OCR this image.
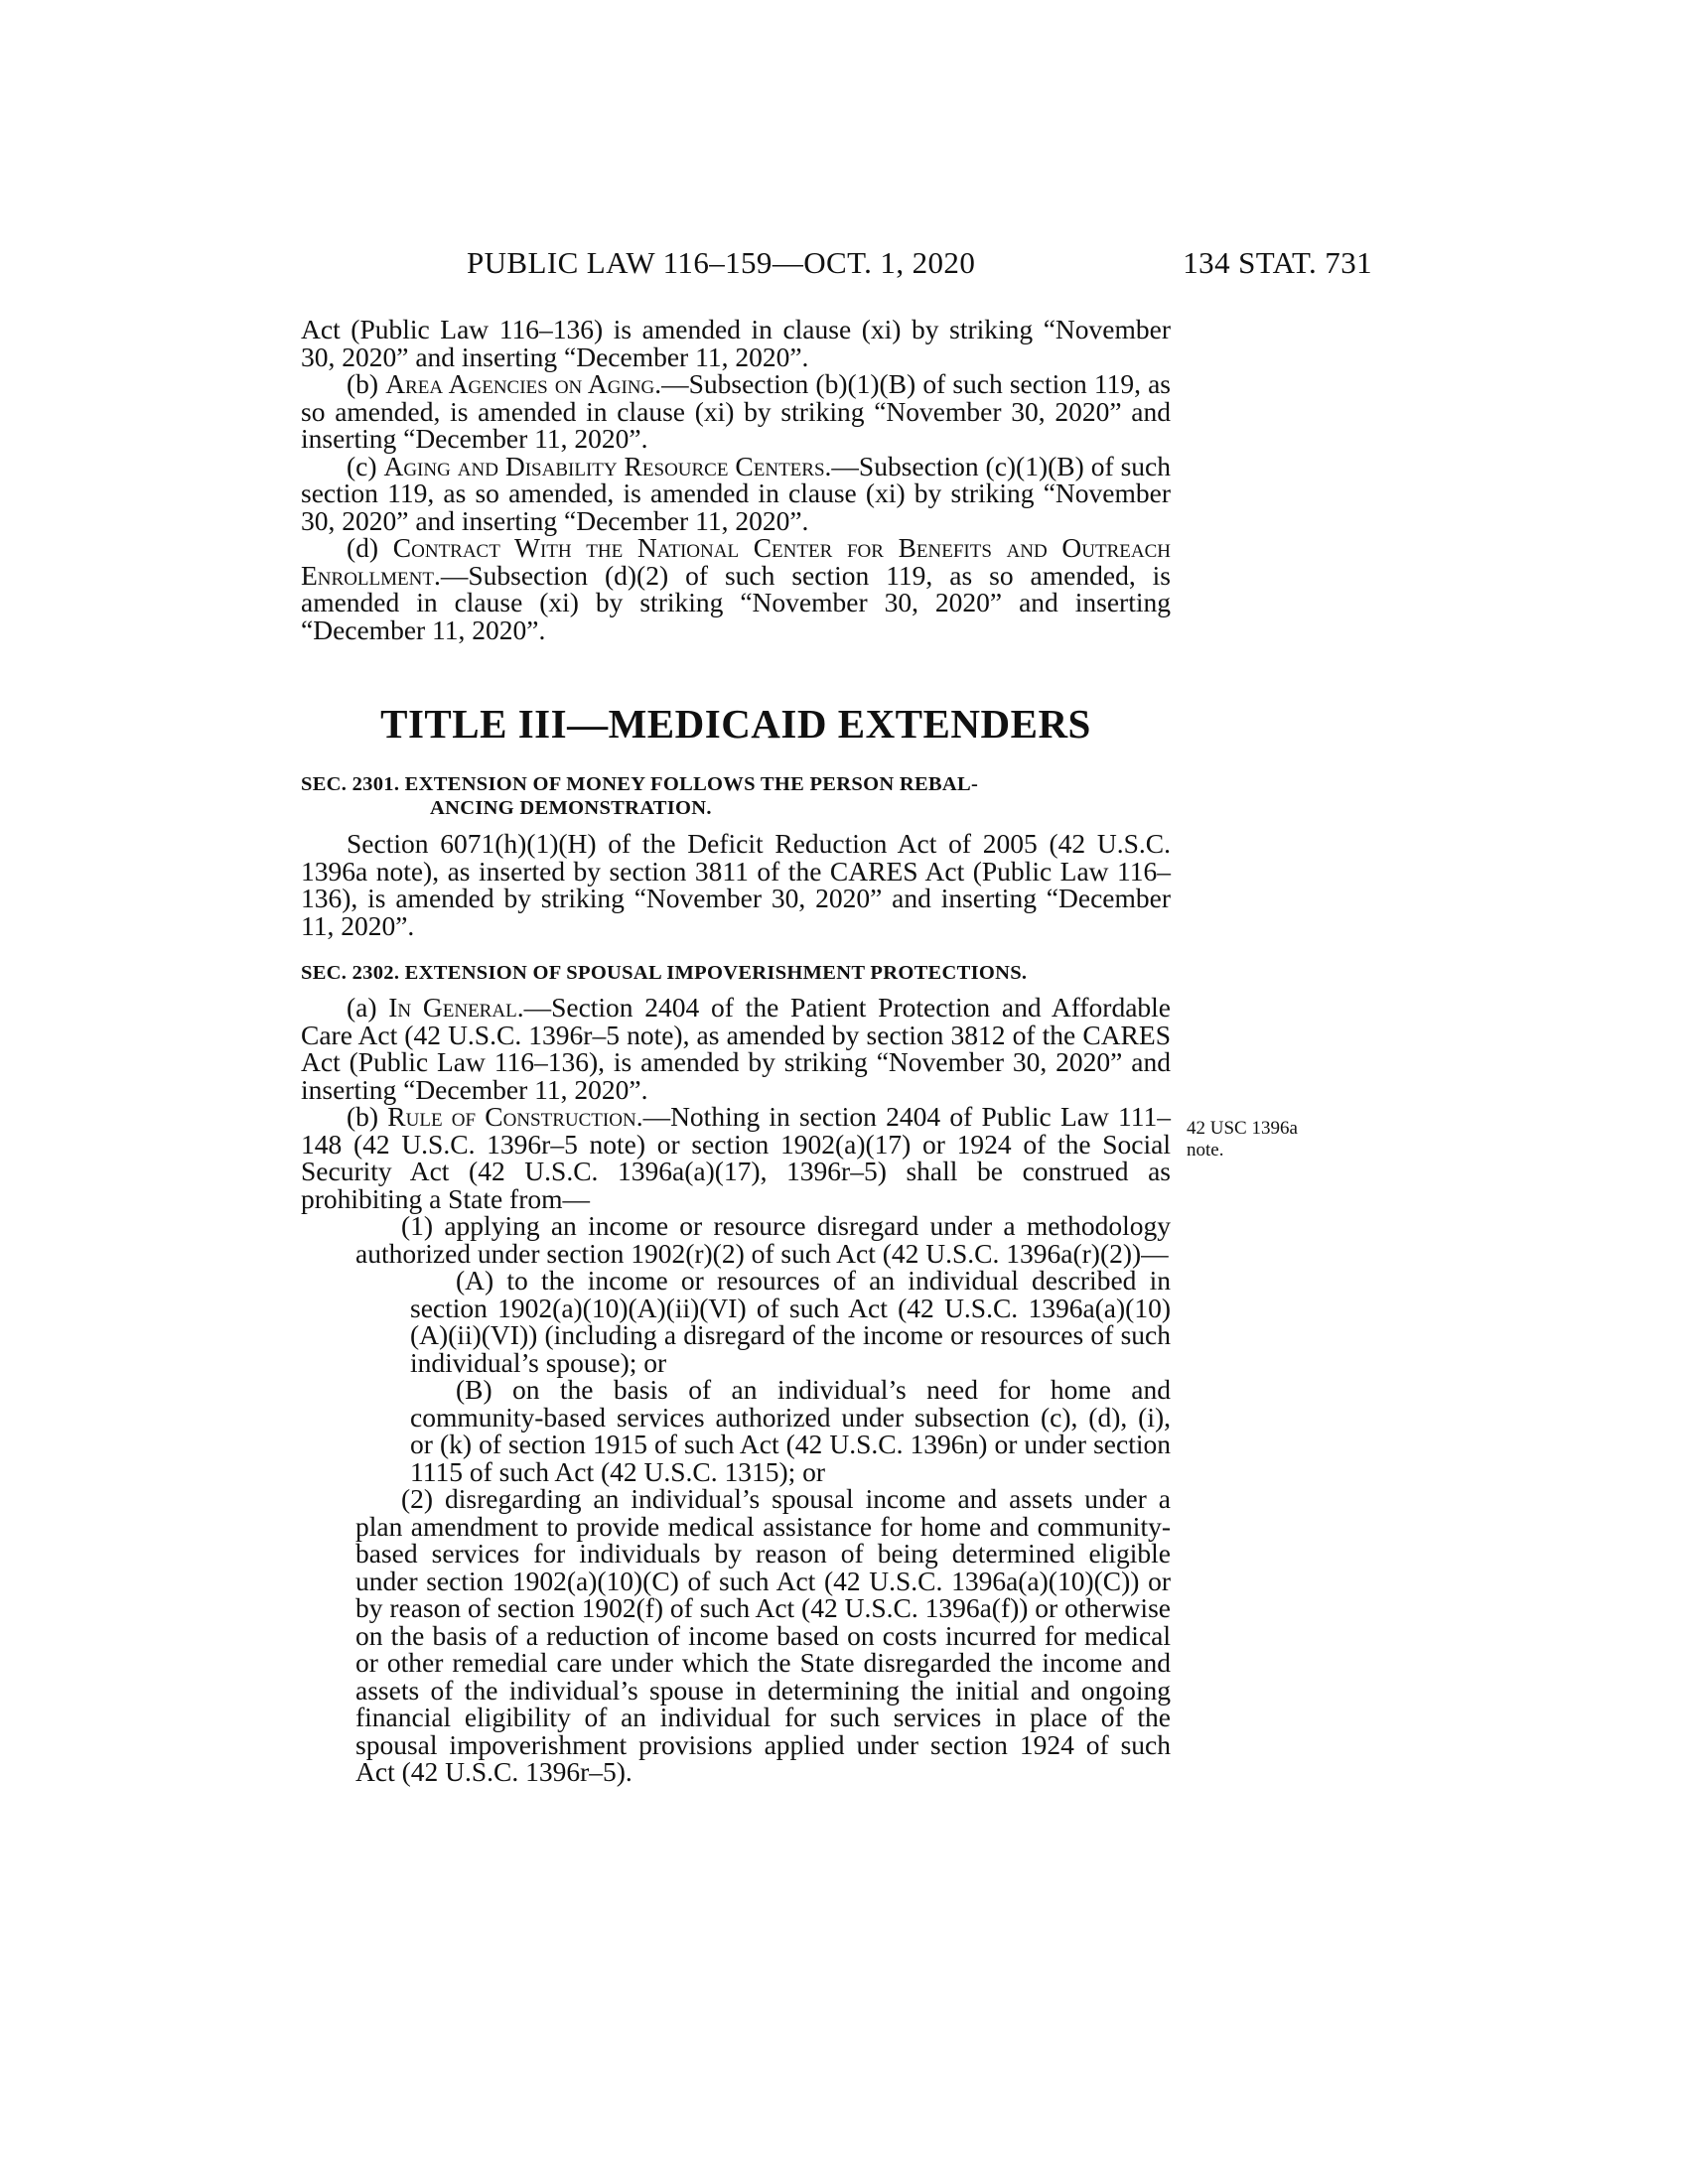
PUBLIC LAW 116–159—OCT. 1, 2020	134 STAT. 731

Act (Public Law 116–136) is amended in clause (xi) by striking “November 30, 2020” and inserting “December 11, 2020”.

(b) Area Agencies on Aging.—Subsection (b)(1)(B) of such section 119, as so amended, is amended in clause (xi) by striking “November 30, 2020” and inserting “December 11, 2020”.

(c) Aging and Disability Resource Centers.—Subsection (c)(1)(B) of such section 119, as so amended, is amended in clause (xi) by striking “November 30, 2020” and inserting “December 11, 2020”.

(d) Contract With the National Center for Benefits and Outreach Enrollment.—Subsection (d)(2) of such section 119, as so amended, is amended in clause (xi) by striking “November 30, 2020” and inserting “December 11, 2020”.

TITLE III—MEDICAID EXTENDERS
SEC. 2301. EXTENSION OF MONEY FOLLOWS THE PERSON REBAL-
ANCING DEMONSTRATION.

Section 6071(h)(1)(H) of the Deficit Reduction Act of 2005 (42 U.S.C. 1396a note), as inserted by section 3811 of the CARES Act (Public Law 116–136), is amended by striking “November 30, 2020” and inserting “December 11, 2020”.

SEC. 2302. EXTENSION OF SPOUSAL IMPOVERISHMENT PROTECTIONS.

(a) In General.—Section 2404 of the Patient Protection and Affordable Care Act (42 U.S.C. 1396r–5 note), as amended by section 3812 of the CARES Act (Public Law 116–136), is amended by striking “November 30, 2020” and inserting “December 11, 2020”.

(b) Rule of Construction.—Nothing in section 2404 of Public Law 111–148 (42 U.S.C. 1396r–5 note) or section 1902(a)(17) or 1924 of the Social Security Act (42 U.S.C. 1396a(a)(17), 1396r–5) shall be construed as prohibiting a State from—

(1) applying an income or resource disregard under a methodology authorized under section 1902(r)(2) of such Act (42 U.S.C. 1396a(r)(2))—

(A) to the income or resources of an individual described in section 1902(a)(10)(A)(ii)(VI) of such Act (42 U.S.C. 1396a(a)(10)(A)(ii)(VI)) (including a disregard of the income or resources of such individual’s spouse); or

(B) on the basis of an individual’s need for home and community-based services authorized under subsection (c), (d), (i), or (k) of section 1915 of such Act (42 U.S.C. 1396n) or under section 1115 of such Act (42 U.S.C. 1315); or

(2) disregarding an individual’s spousal income and assets under a plan amendment to provide medical assistance for home and community-based services for individuals by reason of being determined eligible under section 1902(a)(10)(C) of such Act (42 U.S.C. 1396a(a)(10)(C)) or by reason of section 1902(f) of such Act (42 U.S.C. 1396a(f)) or otherwise on the basis of a reduction of income based on costs incurred for medical or other remedial care under which the State disregarded the income and assets of the individual’s spouse in determining the initial and ongoing financial eligibility of an individual for such services in place of the spousal impoverishment provisions applied under section 1924 of such Act (42 U.S.C. 1396r–5).

42 USC 1396a
note.
